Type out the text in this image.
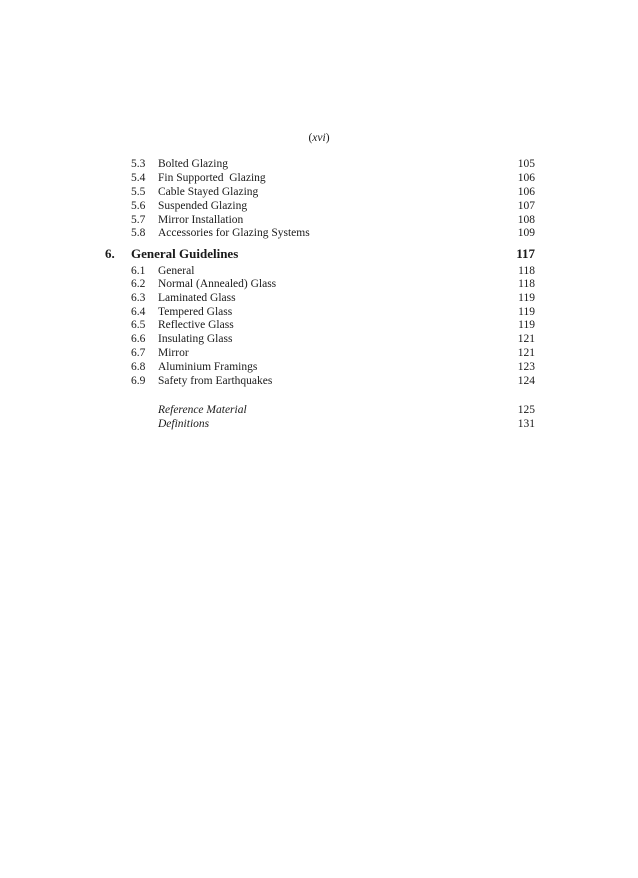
(xvi)
5.3 Bolted Glazing	105
5.4 Fin Supported  Glazing	106
5.5 Cable Stayed Glazing	106
5.6 Suspended Glazing	107
5.7 Mirror Installation	108
5.8 Accessories for Glazing Systems	109
6. General Guidelines	117
6.1 General	118
6.2 Normal (Annealed) Glass	118
6.3 Laminated Glass	119
6.4 Tempered Glass	119
6.5 Reflective Glass	119
6.6 Insulating Glass	121
6.7 Mirror	121
6.8 Aluminium Framings	123
6.9 Safety from Earthquakes	124
Reference Material	125
Definitions	131
